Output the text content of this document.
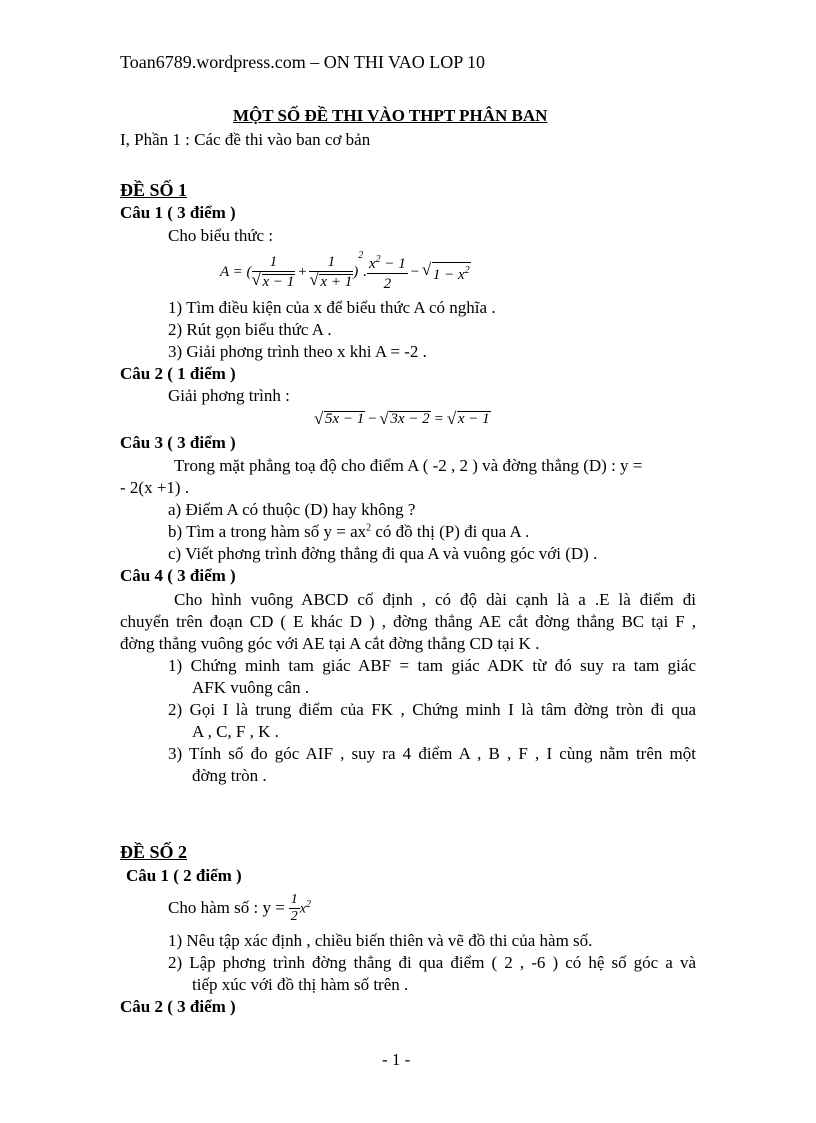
Toan6789.wordpress.com – ON THI VAO LOP 10
MỘT SỐ ĐỀ THI VÀO THPT PHÂN BAN
I, Phần 1 : Các đề thi vào ban cơ bản
ĐỀ SỐ 1
Câu 1 ( 3 điểm )
Cho biểu thức :
A = ( 1
√ x − 1 + 1
√ x + 1 )$^2$. $\frac{x^2 - 1}{2}$ − √ $1 - x^2$
1) Tìm điều kiện của x để biểu thức A có nghĩa .
2) Rút gọn biểu thức A .
3) Giải phơng trình theo x khi A = -2 .
Câu 2 ( 1 điểm )
Giải phơng trình :
√ 5x − 1 − √ 3x − 2 = √ x − 1
Câu 3 ( 3 điểm )
Trong mặt phẳng toạ độ cho điểm A ( -2 , 2 ) và đờng thẳng (D) : y =
- 2(x +1) .
a) Điểm A có thuộc (D) hay không ?
b) Tìm a trong hàm số $y = ax^2$ có đồ thị (P) đi qua A .
c) Viết phơng trình đờng thẳng đi qua A và vuông góc với (D) .
Câu 4 ( 3 điểm )
Cho hình vuông ABCD cố định , có độ dài cạnh là a .E là điểm đi
chuyển trên đoạn CD ( E khác D ) , đờng thẳng AE cắt đờng thẳng BC tại F ,
đờng thẳng vuông góc với AE tại A cắt đờng thẳng CD tại K .
1) Chứng minh tam giác ABF = tam giác ADK từ đó suy ra tam giác
AFK vuông cân .
2) Gọi I là trung điểm của FK , Chứng minh I là tâm đờng tròn đi qua
A , C, F , K .
3) Tính số đo góc AIF , suy ra 4 điểm A , B , F , I cùng nằm trên một
đờng tròn .
ĐỀ SỐ 2
Câu 1 ( 2 điểm )
Cho hàm số : $y = \frac{1}{2} x^2$
1) Nêu tập xác định , chiều biến thiên và vẽ đồ thi của hàm số.
2) Lập phơng trình đờng thẳng đi qua điểm ( 2 , -6 ) có hệ số góc a và
tiếp xúc với đồ thị hàm số trên .
Câu 2 ( 3 điểm )
- 1 -
